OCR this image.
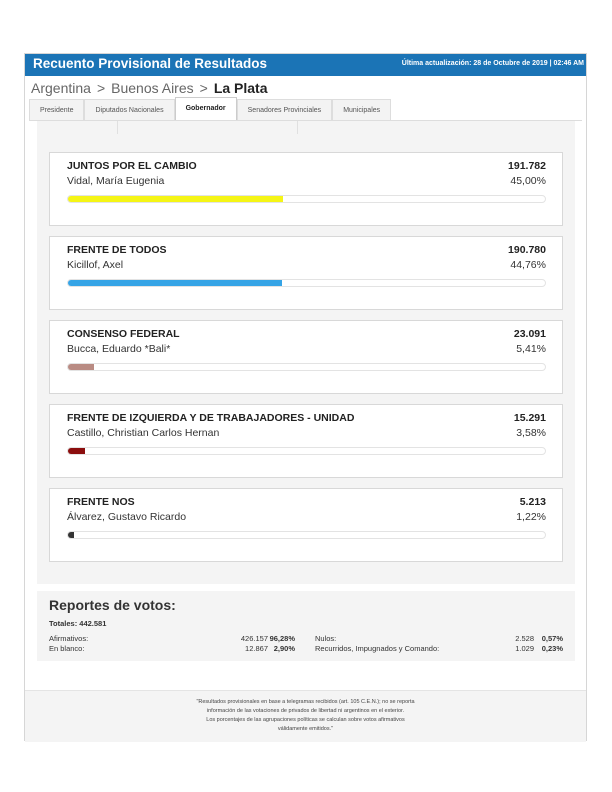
Recuento Provisional de Resultados	Última actualización: 28 de Octubre de 2019 | 02:46 AM
Argentina > Buenos Aires > La Plata
Presidente	Diputados Nacionales	Gobernador	Senadores Provinciales	Municipales
JUNTOS POR EL CAMBIO
Vidal, María Eugenia
191.782
45,00%
FRENTE DE TODOS
Kicillof, Axel
190.780
44,76%
CONSENSO FEDERAL
Bucca, Eduardo *Bali*
23.091
5,41%
FRENTE DE IZQUIERDA Y DE TRABAJADORES - UNIDAD
Castillo, Christian Carlos Hernan
15.291
3,58%
FRENTE NOS
Álvarez, Gustavo Ricardo
5.213
1,22%
Reportes de votos:
Totales: 442.581
Afirmativos:	426.157 96,28%
En blanco:	12.867 2,90%
Nulos:	2.528 0,57%
Recurridos, Impugnados y Comando:	1.029 0,23%
"Resultados provisionales en base a telegramas recibidos (art. 105 C.E.N.); no se reporta
información de las votaciones de privados de libertad ni argentinos en el exterior.
Los porcentajes de las agrupaciones políticas se calculan sobre votos afirmativos
válidamente emitidos."
